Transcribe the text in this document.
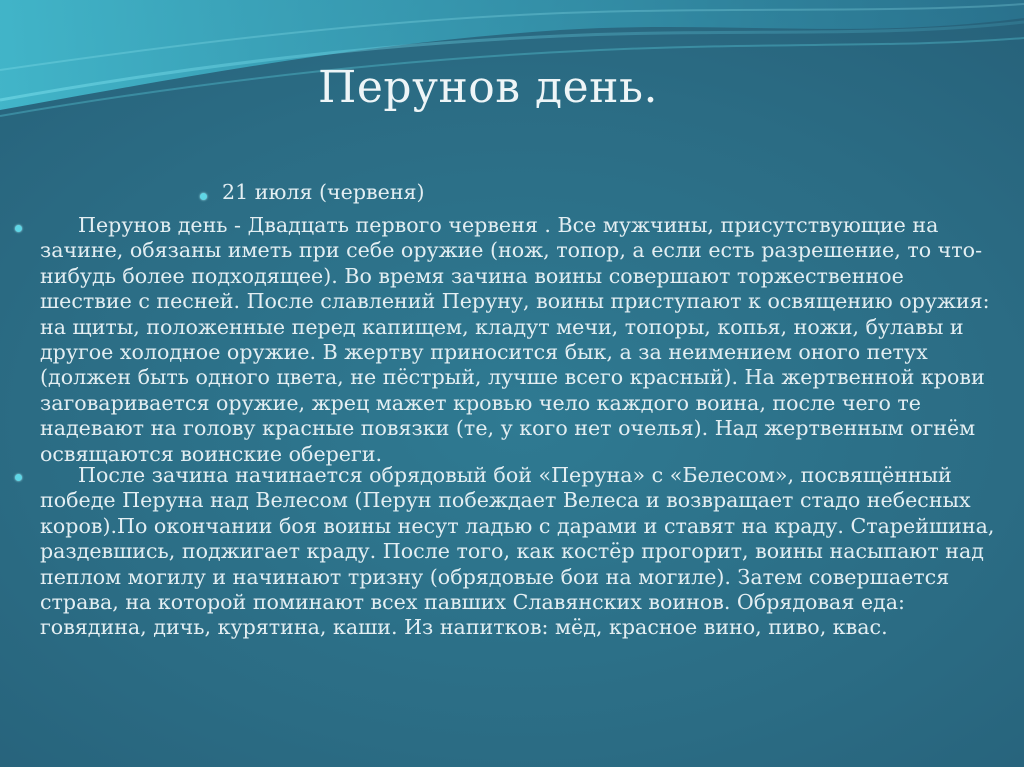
Перунов день.

21 июля (червеня)

Перунов день - Двадцать первого червеня . Все мужчины, присутствующие на зачине, обязаны иметь при себе оружие (нож, топор, а если есть разрешение, то что-нибудь более подходящее). Во время зачина воины совершают торжественное шествие с песней. После славлений Перуну, воины приступают к освящению оружия: на щиты, положенные перед капищем, кладут мечи, топоры, копья, ножи, булавы и другое холодное оружие. В жертву приносится бык, а за неимением оного петух (должен быть одного цвета, не пёстрый, лучше всего красный). На жертвенной крови заговаривается оружие, жрец мажет кровью чело каждого воина, после чего те надевают на голову красные повязки (те, у кого нет очелья). Над жертвенным огнём освящаются воинские обереги.

После зачина начинается обрядовый бой «Перуна» с «Белесом», посвящённый победе Перуна над Велесом (Перун побеждает Велеса и возвращает стадо небесных коров).По окончании боя воины несут ладью с дарами и ставят на краду. Старейшина, раздевшись, поджигает краду. После того, как костёр прогорит, воины насыпают над пеплом могилу и начинают тризну (обрядовые бои на могиле). Затем совершается страва, на которой поминают всех павших Славянских воинов. Обрядовая еда: говядина, дичь, курятина, каши. Из напитков: мёд, красное вино, пиво, квас.
